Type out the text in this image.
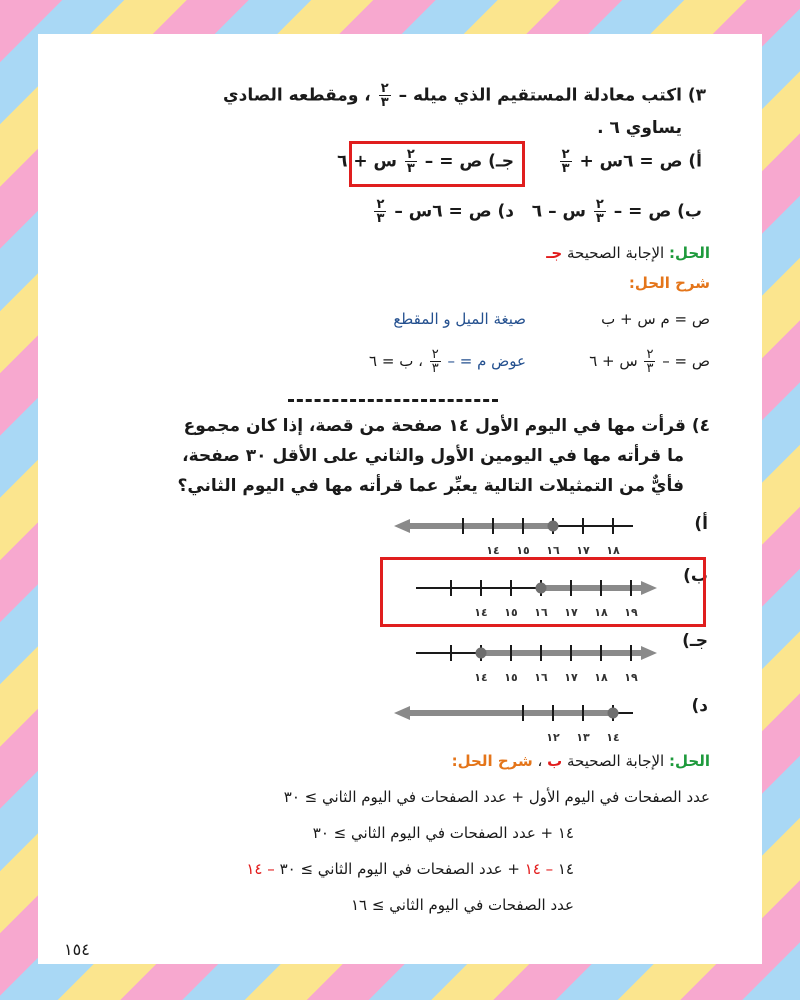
٣) اكتب معادلة المستقيم الذي ميله –
$\frac{٢}{٣}$
، ومقطعه الصادي
يساوي ٦ .
أ) ص = ٦س +
$\frac{٢}{٣}$
جـ) ص = –
$\frac{٢}{٣}$
س + ٦
ب) ص = –
$\frac{٢}{٣}$
س – ٦
د) ص = ٦س –
$\frac{٢}{٣}$
الحل: الإجابة الصحيحة جـ
شرح الحل:
ص = م س + ب
صيغة الميل و المقطع
ص = –
$\frac{٢}{٣}$
س + ٦
عوض م = –
$\frac{٢}{٣}$
، ب = ٦
٤) قرأت مها في اليوم الأول ١٤ صفحة من قصة، إذا كان مجموع
ما قرأته مها في اليومين الأول والثاني على الأقل ٣٠ صفحة،
فأيٌّ من التمثيلات التالية يعبِّر عما قرأته مها في اليوم الثاني؟
أ)
ب)
جـ)
د)
١٤ ١٥ ١٦ ١٧ ١٨
١٤ ١٥ ١٦ ١٧ ١٨ ١٩
١٤ ١٥ ١٦ ١٧ ١٨ ١٩
١٢ ١٣ ١٤
الحل: الإجابة الصحيحة ب ، شرح الحل:
عدد الصفحات في اليوم الأول + عدد الصفحات في اليوم الثاني ≥ ٣٠
١٤ + عدد الصفحات في اليوم الثاني ≥ ٣٠
١٤ – ١٤ + عدد الصفحات في اليوم الثاني ≥ ٣٠ – ١٤
عدد الصفحات في اليوم الثاني ≥ ١٦
١٥٤
